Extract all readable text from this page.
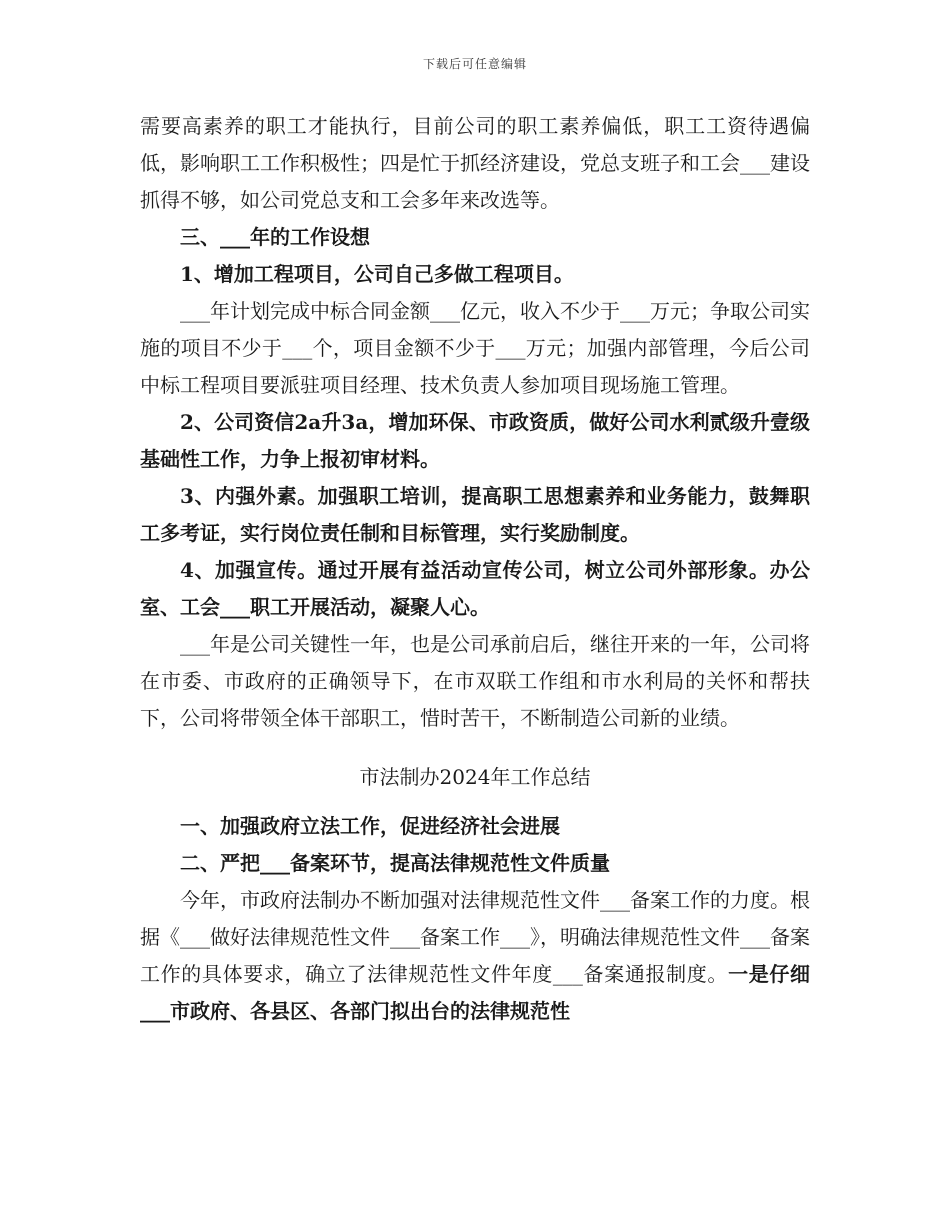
下载后可任意编辑

需要高素养的职工才能执行，目前公司的职工素养偏低，职工工资待遇偏低，影响职工工作积极性；四是忙于抓经济建设，党总支班子和工会___建设抓得不够，如公司党总支和工会多年来改选等。

三、___年的工作设想

1、增加工程项目，公司自己多做工程项目。

___年计划完成中标合同金额___亿元，收入不少于___万元；争取公司实施的项目不少于___个，项目金额不少于___万元；加强内部管理，今后公司中标工程项目要派驻项目经理、技术负责人参加项目现场施工管理。

2、公司资信2a升3a，增加环保、市政资质，做好公司水利贰级升壹级基础性工作，力争上报初审材料。

3、内强外素。加强职工培训，提高职工思想素养和业务能力，鼓舞职工多考证，实行岗位责任制和目标管理，实行奖励制度。

4、加强宣传。通过开展有益活动宣传公司，树立公司外部形象。办公室、工会___职工开展活动，凝聚人心。

___年是公司关键性一年，也是公司承前启后，继往开来的一年，公司将在市委、市政府的正确领导下，在市双联工作组和市水利局的关怀和帮扶下，公司将带领全体干部职工，惜时苦干，不断制造公司新的业绩。

市法制办2024年工作总结

一、加强政府立法工作，促进经济社会进展

二、严把___备案环节，提高法律规范性文件质量

今年，市政府法制办不断加强对法律规范性文件___备案工作的力度。根据《___做好法律规范性文件___备案工作___》，明确法律规范性文件___备案工作的具体要求，确立了法律规范性文件年度___备案通报制度。一是仔细___市政府、各县区、各部门拟出台的法律规范性
